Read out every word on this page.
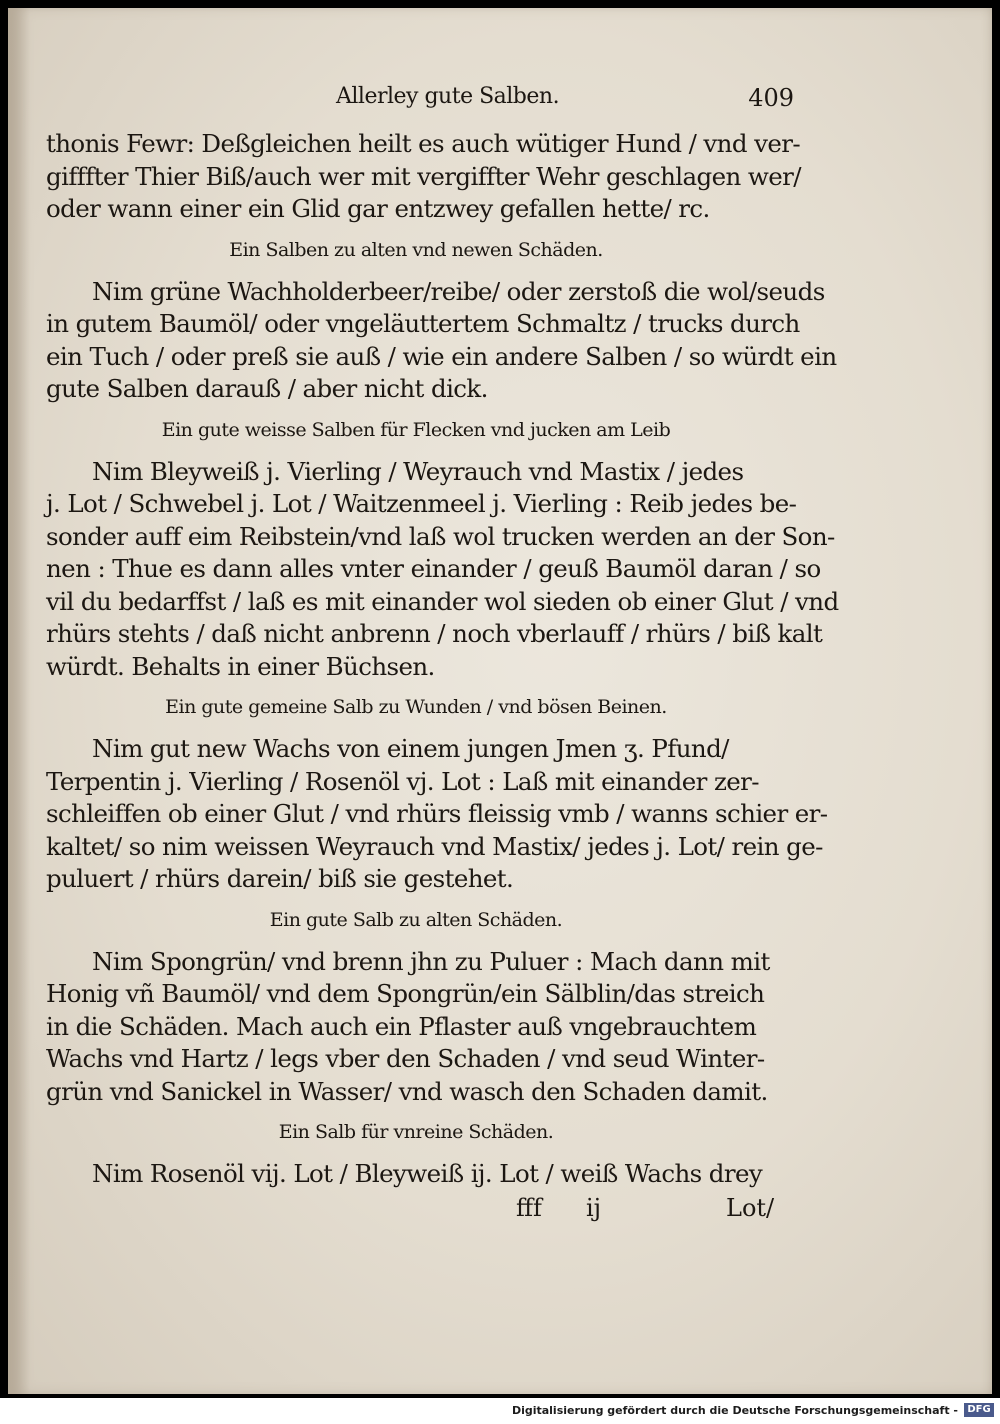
Allerley gute Salben.	409
thonis Fewr: Deßgleichen heilt es auch wütiger Hund / vnd ver-
gifffter Thier Biß/auch wer mit vergiffter Wehr geschlagen wer/
oder wann einer ein Glid gar entzwey gefallen hette/ rc.
Ein Salben zu alten vnd newen Schäden.
Nim grüne Wachholderbeer/reibe/ oder zerstoß die wol/seuds
in gutem Baumöl/ oder vngeläuttertem Schmaltz / trucks durch
ein Tuch / oder preß sie auß / wie ein andere Salben / so würdt ein
gute Salben darauß / aber nicht dick.
Ein gute weisse Salben für Flecken vnd jucken am Leib
Nim Bleyweiß j. Vierling / Weyrauch vnd Mastix / jedes
j. Lot / Schwebel j. Lot / Waitzenmeel j. Vierling : Reib jedes be-
sonder auff eim Reibstein/vnd laß wol trucken werden an der Son-
nen : Thue es dann alles vnter einander / geuß Baumöl daran / so
vil du bedarffst / laß es mit einander wol sieden ob einer Glut / vnd
rhürs stehts / daß nicht anbrenn / noch vberlauff / rhürs / biß kalt
würdt. Behalts in einer Büchsen.
Ein gute gemeine Salb zu Wunden / vnd bösen Beinen.
Nim gut new Wachs von einem jungen Jmen ʒ. Pfund/
Terpentin j. Vierling / Rosenöl vj. Lot : Laß mit einander zer-
schleiffen ob einer Glut / vnd rhürs fleissig vmb / wanns schier er-
kaltet/ so nim weissen Weyrauch vnd Mastix/ jedes j. Lot/ rein ge-
puluert / rhürs darein/ biß sie gestehet.
Ein gute Salb zu alten Schäden.
Nim Spongrün/ vnd brenn jhn zu Puluer : Mach dann mit
Honig vñ Baumöl/ vnd dem Spongrün/ein Sälblin/das streich
in die Schäden. Mach auch ein Pflaster auß vngebrauchtem
Wachs vnd Hartz / legs vber den Schaden / vnd seud Winter-
grün vnd Sanickel in Wasser/ vnd wasch den Schaden damit.
Ein Salb für vnreine Schäden.
Nim Rosenöl vij. Lot / Bleyweiß ij. Lot / weiß Wachs drey
fff ij	Lot/
Digitalisierung gefördert durch die Deutsche Forschungsgemeinschaft - DFG
